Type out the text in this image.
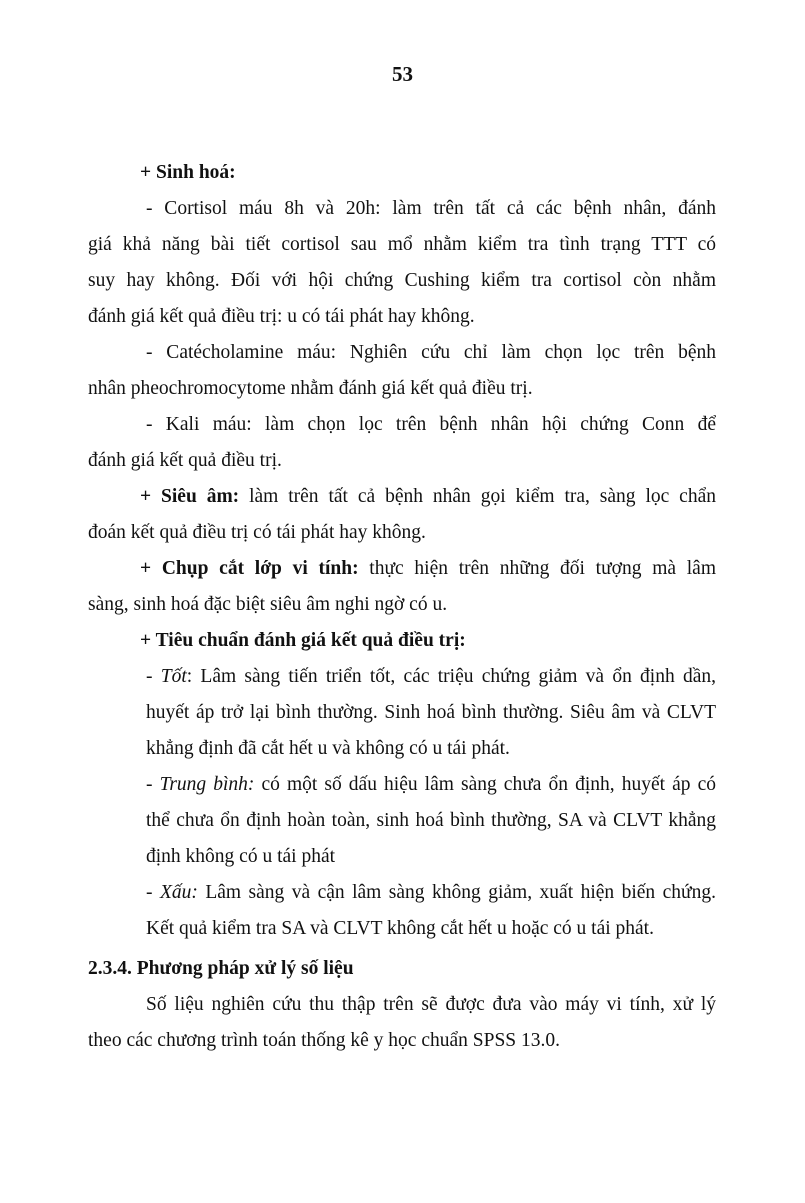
53

+ Sinh hoá:

- Cortisol máu 8h và 20h: làm trên tất cả các bệnh nhân, đánh

giá khả năng bài tiết cortisol sau mổ nhằm kiểm tra tình trạng TTT có

suy hay không. Đối với hội chứng Cushing kiểm tra cortisol còn nhằm

đánh giá kết quả điều trị: u có tái phát hay không.

- Catécholamine máu: Nghiên cứu chỉ làm chọn lọc trên bệnh

nhân pheochromocytome nhằm đánh giá kết quả điều trị.

- Kali máu: làm chọn lọc trên bệnh nhân hội chứng Conn để

đánh giá kết quả điều trị.

+ Siêu âm: làm trên tất cả bệnh nhân gọi kiểm tra, sàng lọc chẩn

đoán kết quả điều trị có tái phát hay không.

+ Chụp cắt lớp vi tính: thực hiện trên những đối tượng mà lâm

sàng, sinh hoá đặc biệt siêu âm nghi ngờ có u.

+ Tiêu chuẩn đánh giá kết quả điều trị:

- Tốt: Lâm sàng tiến triển tốt, các triệu chứng giảm và ổn định dần,

huyết áp trở lại bình thường. Sinh hoá bình thường. Siêu âm và CLVT

khẳng định đã cắt hết u và không có u tái phát.

- Trung bình: có một số dấu hiệu lâm sàng chưa ổn định, huyết áp có

thể chưa ổn định hoàn toàn, sinh hoá bình thường, SA và CLVT khẳng

định không có u tái phát

- Xấu: Lâm sàng và cận lâm sàng không giảm, xuất hiện biến chứng.

Kết quả kiểm tra SA và CLVT không cắt hết u hoặc có u tái phát.

2.3.4. Phương pháp xử lý số liệu

Số liệu nghiên cứu thu thập trên sẽ được đưa vào máy vi tính, xử lý

theo các chương trình toán thống kê y học chuẩn SPSS 13.0.
